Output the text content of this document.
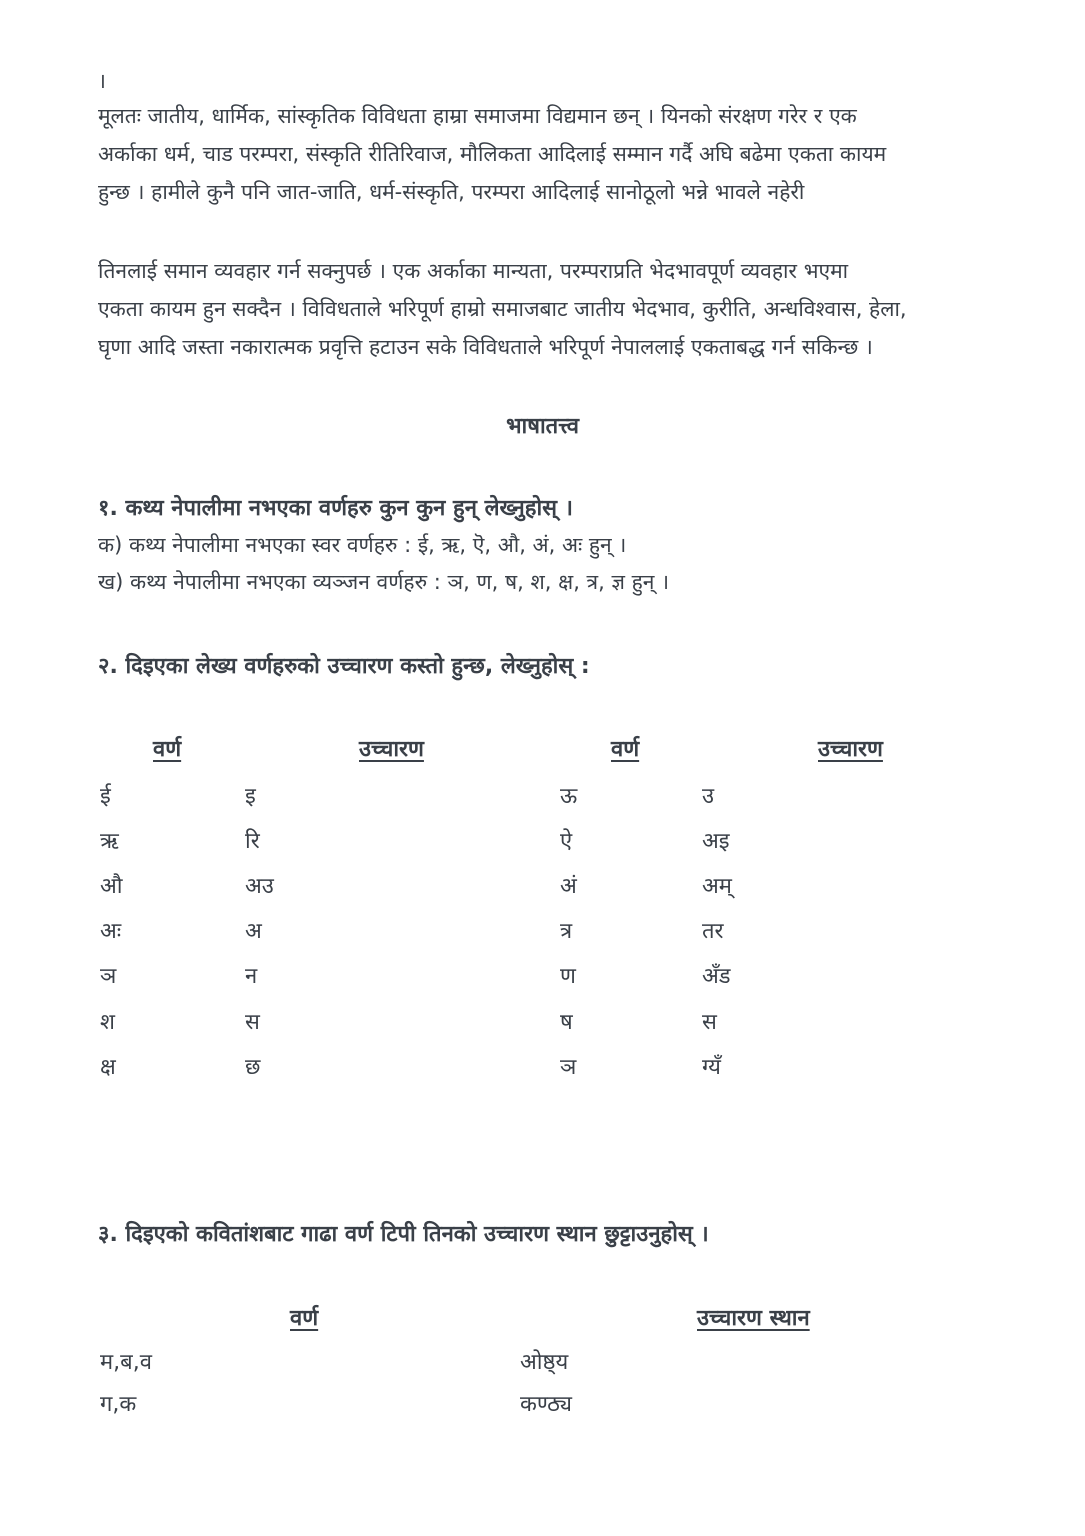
।
मूलतः जातीय, धार्मिक, सांस्कृतिक विविधता हाम्रा समाजमा विद्यमान छन् । यिनको संरक्षण गरेर र एक
अर्काका धर्म, चाड परम्परा, संस्कृति रीतिरिवाज, मौलिकता आदिलाई सम्मान गर्दै अघि बढेमा एकता कायम
हुन्छ । हामीले कुनै पनि जात-जाति, धर्म-संस्कृति, परम्परा आदिलाई सानोठूलो भन्ने भावले नहेरी
तिनलाई समान व्यवहार गर्न सक्नुपर्छ । एक अर्काका मान्यता, परम्पराप्रति भेदभावपूर्ण व्यवहार भएमा
एकता कायम हुन सक्दैन । विविधताले भरिपूर्ण हाम्रो समाजबाट जातीय भेदभाव, कुरीति, अन्धविश्वास, हेला,
घृणा आदि जस्ता नकारात्मक प्रवृत्ति हटाउन सके विविधताले भरिपूर्ण नेपाललाई एकताबद्ध गर्न सकिन्छ ।
भाषातत्त्व
१. कथ्य नेपालीमा नभएका वर्णहरु कुन कुन हुन् लेख्नुहोस् ।
क) कथ्य नेपालीमा नभएका स्वर वर्णहरु : ई, ऋ, ऎ, औ, अं, अः हुन् ।
ख) कथ्य नेपालीमा नभएका व्यञ्जन वर्णहरु : ञ, ण, ष, श, क्ष, त्र, ज्ञ हुन् ।
२. दिइएका लेख्य वर्णहरुको उच्चारण कस्तो हुन्छ, लेख्नुहोस् :
वर्ण	उच्चारण	वर्ण	उच्चारण
ई	इ	ऊ	उ
ऋ	रि	ऐ	अइ
औ	अउ	अं	अम्
अः	अ	त्र	तर
ञ	न	ण	अँड
श	स	ष	स
क्ष	छ	ञ	ग्यँ
३. दिइएको कवितांशबाट गाढा वर्ण टिपी तिनको उच्चारण स्थान छुट्टाउनुहोस् ।
वर्ण	उच्चारण स्थान
म,ब,व	ओष्ठ्य
ग,क	कण्ठ्य
